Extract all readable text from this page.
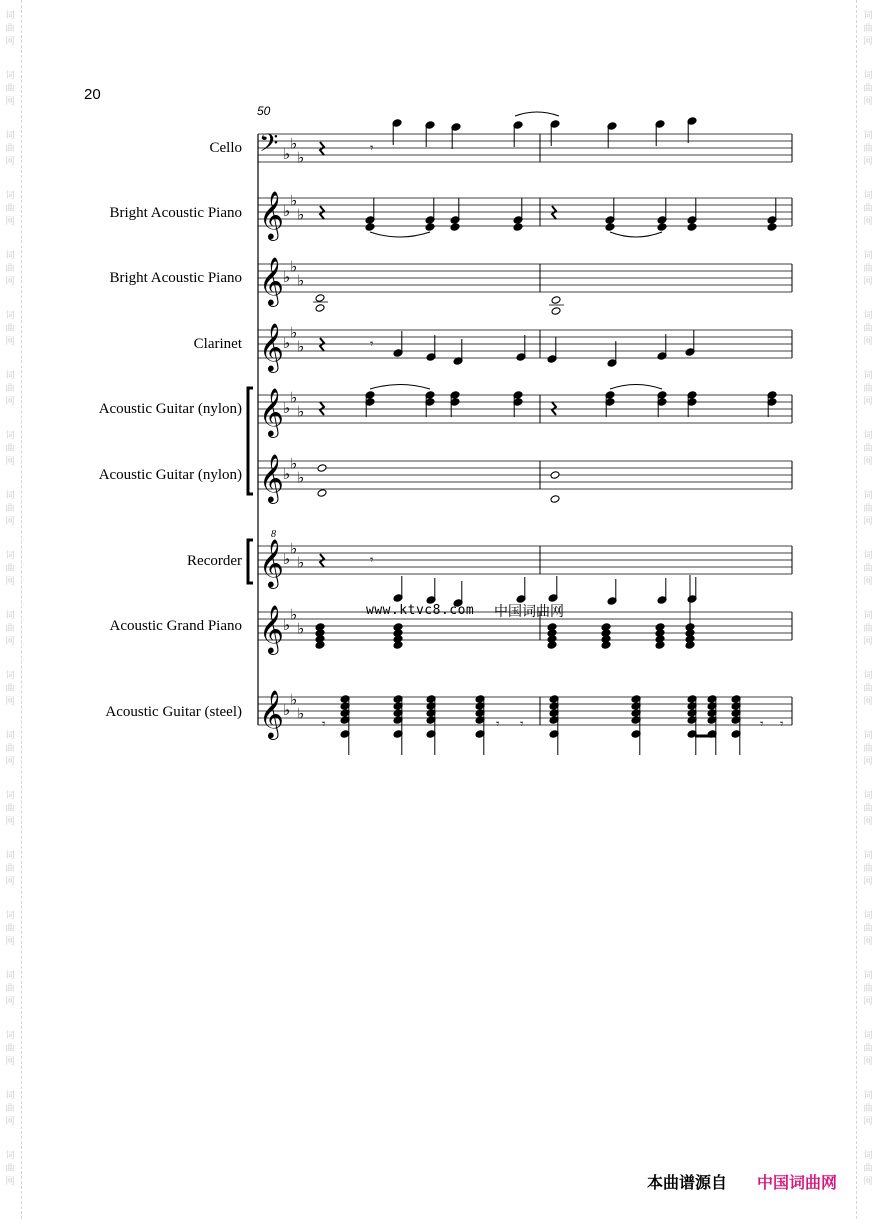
词
曲
网
词
曲
网
词
曲
网
词
曲
网
词
曲
网
词
曲
网
词
曲
网
词
曲
网
词
曲
网
词
曲
网
词
曲
网
词
曲
网
词
曲
网
词
曲
网
词
曲
网
词
曲
网
词
曲
网
词
曲
网
词
曲
网
词
曲
网
词
曲
网
词
曲
网
词
曲
网
词
曲
网
词
曲
网
词
曲
网
词
曲
网
词
曲
网
词
曲
网
词
曲
网
词
曲
网
词
曲
网
词
曲
网
词
曲
网
词
曲
网
词
曲
网
词
曲
网
词
曲
网
词
曲
网
词
曲
网
20
50
Cello
Bright Acoustic Piano
Bright Acoustic Piano
Clarinet
Acoustic Guitar (nylon)
Acoustic Guitar (nylon)
Recorder
Acoustic Grand Piano
Acoustic Guitar (steel)
𝄢 ♭
♭
♭
𝄞 ♭
♭
♭
𝄞 ♭
♭
♭
𝄞 ♭
♭
♭
𝄞 ♭
♭
♭
𝄞 ♭
♭
♭
𝄞
8
♭
♭
♭
𝄞 ♭
♭
♭
𝄞 ♭
♭
♭
𝄾
𝄾
𝄾
𝄾	𝄾 𝄾	𝄾 𝄾
www.ktvc8.com 中国词曲网
本曲谱源自 中国词曲网
